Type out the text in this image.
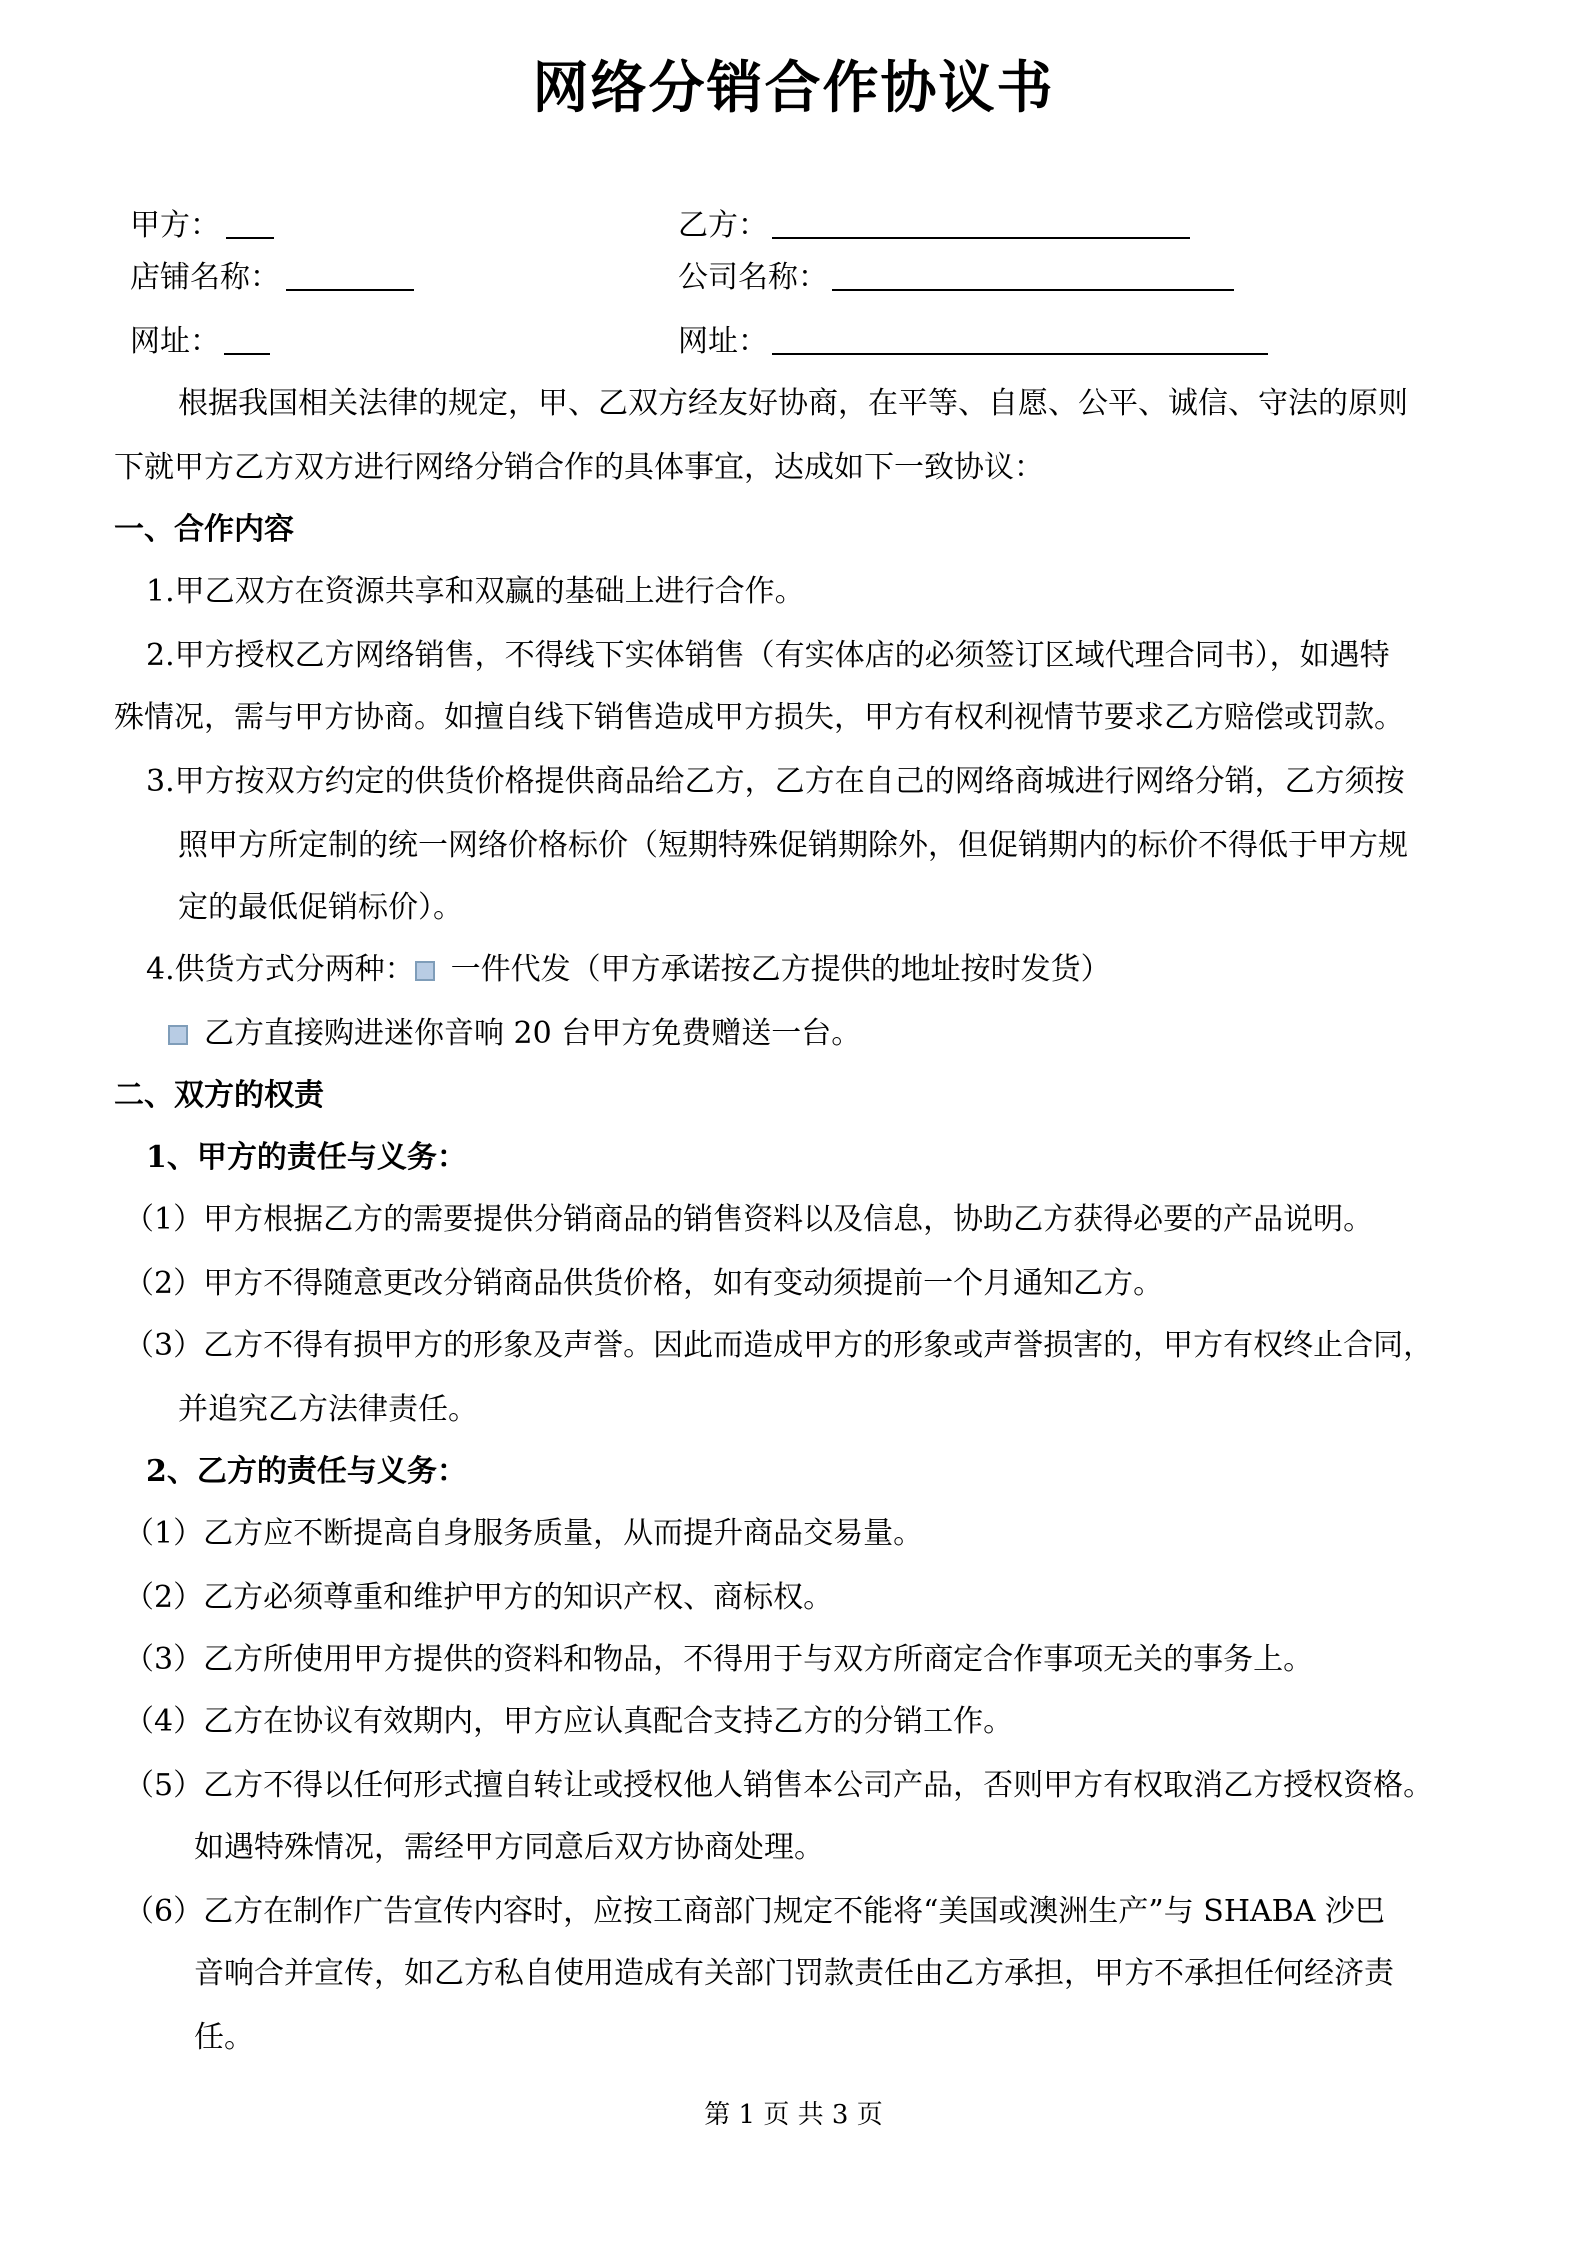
网络分销合作协议书
甲方：	乙方：
店铺名称：	公司名称：
网址：	网址：
根据我国相关法律的规定，甲、乙双方经友好协商，在平等、自愿、公平、诚信、守法的原则
下就甲方乙方双方进行网络分销合作的具体事宜，达成如下一致协议：
一、合作内容
1.甲乙双方在资源共享和双赢的基础上进行合作。
2.甲方授权乙方网络销售，不得线下实体销售（有实体店的必须签订区域代理合同书），如遇特
殊情况，需与甲方协商。如擅自线下销售造成甲方损失，甲方有权利视情节要求乙方赔偿或罚款。
3.甲方按双方约定的供货价格提供商品给乙方，乙方在自己的网络商城进行网络分销，乙方须按
照甲方所定制的统一网络价格标价（短期特殊促销期除外，但促销期内的标价不得低于甲方规
定的最低促销标价）。
4.供货方式分两种： 一件代发（甲方承诺按乙方提供的地址按时发货）
乙方直接购进迷你音响 20 台甲方免费赠送一台。
二、双方的权责
1、甲方的责任与义务：
（1）甲方根据乙方的需要提供分销商品的销售资料以及信息，协助乙方获得必要的产品说明。
（2）甲方不得随意更改分销商品供货价格，如有变动须提前一个月通知乙方。
（3）乙方不得有损甲方的形象及声誉。因此而造成甲方的形象或声誉损害的，甲方有权终止合同，
并追究乙方法律责任。
2、乙方的责任与义务：
（1）乙方应不断提高自身服务质量，从而提升商品交易量。
（2）乙方必须尊重和维护甲方的知识产权、商标权。
（3）乙方所使用甲方提供的资料和物品，不得用于与双方所商定合作事项无关的事务上。
（4）乙方在协议有效期内，甲方应认真配合支持乙方的分销工作。
（5）乙方不得以任何形式擅自转让或授权他人销售本公司产品，否则甲方有权取消乙方授权资格。
如遇特殊情况，需经甲方同意后双方协商处理。
（6）乙方在制作广告宣传内容时，应按工商部门规定不能将“美国或澳洲生产”与 SHABA 沙巴
音响合并宣传，如乙方私自使用造成有关部门罚款责任由乙方承担，甲方不承担任何经济责
任。
第 1 页 共 3 页
